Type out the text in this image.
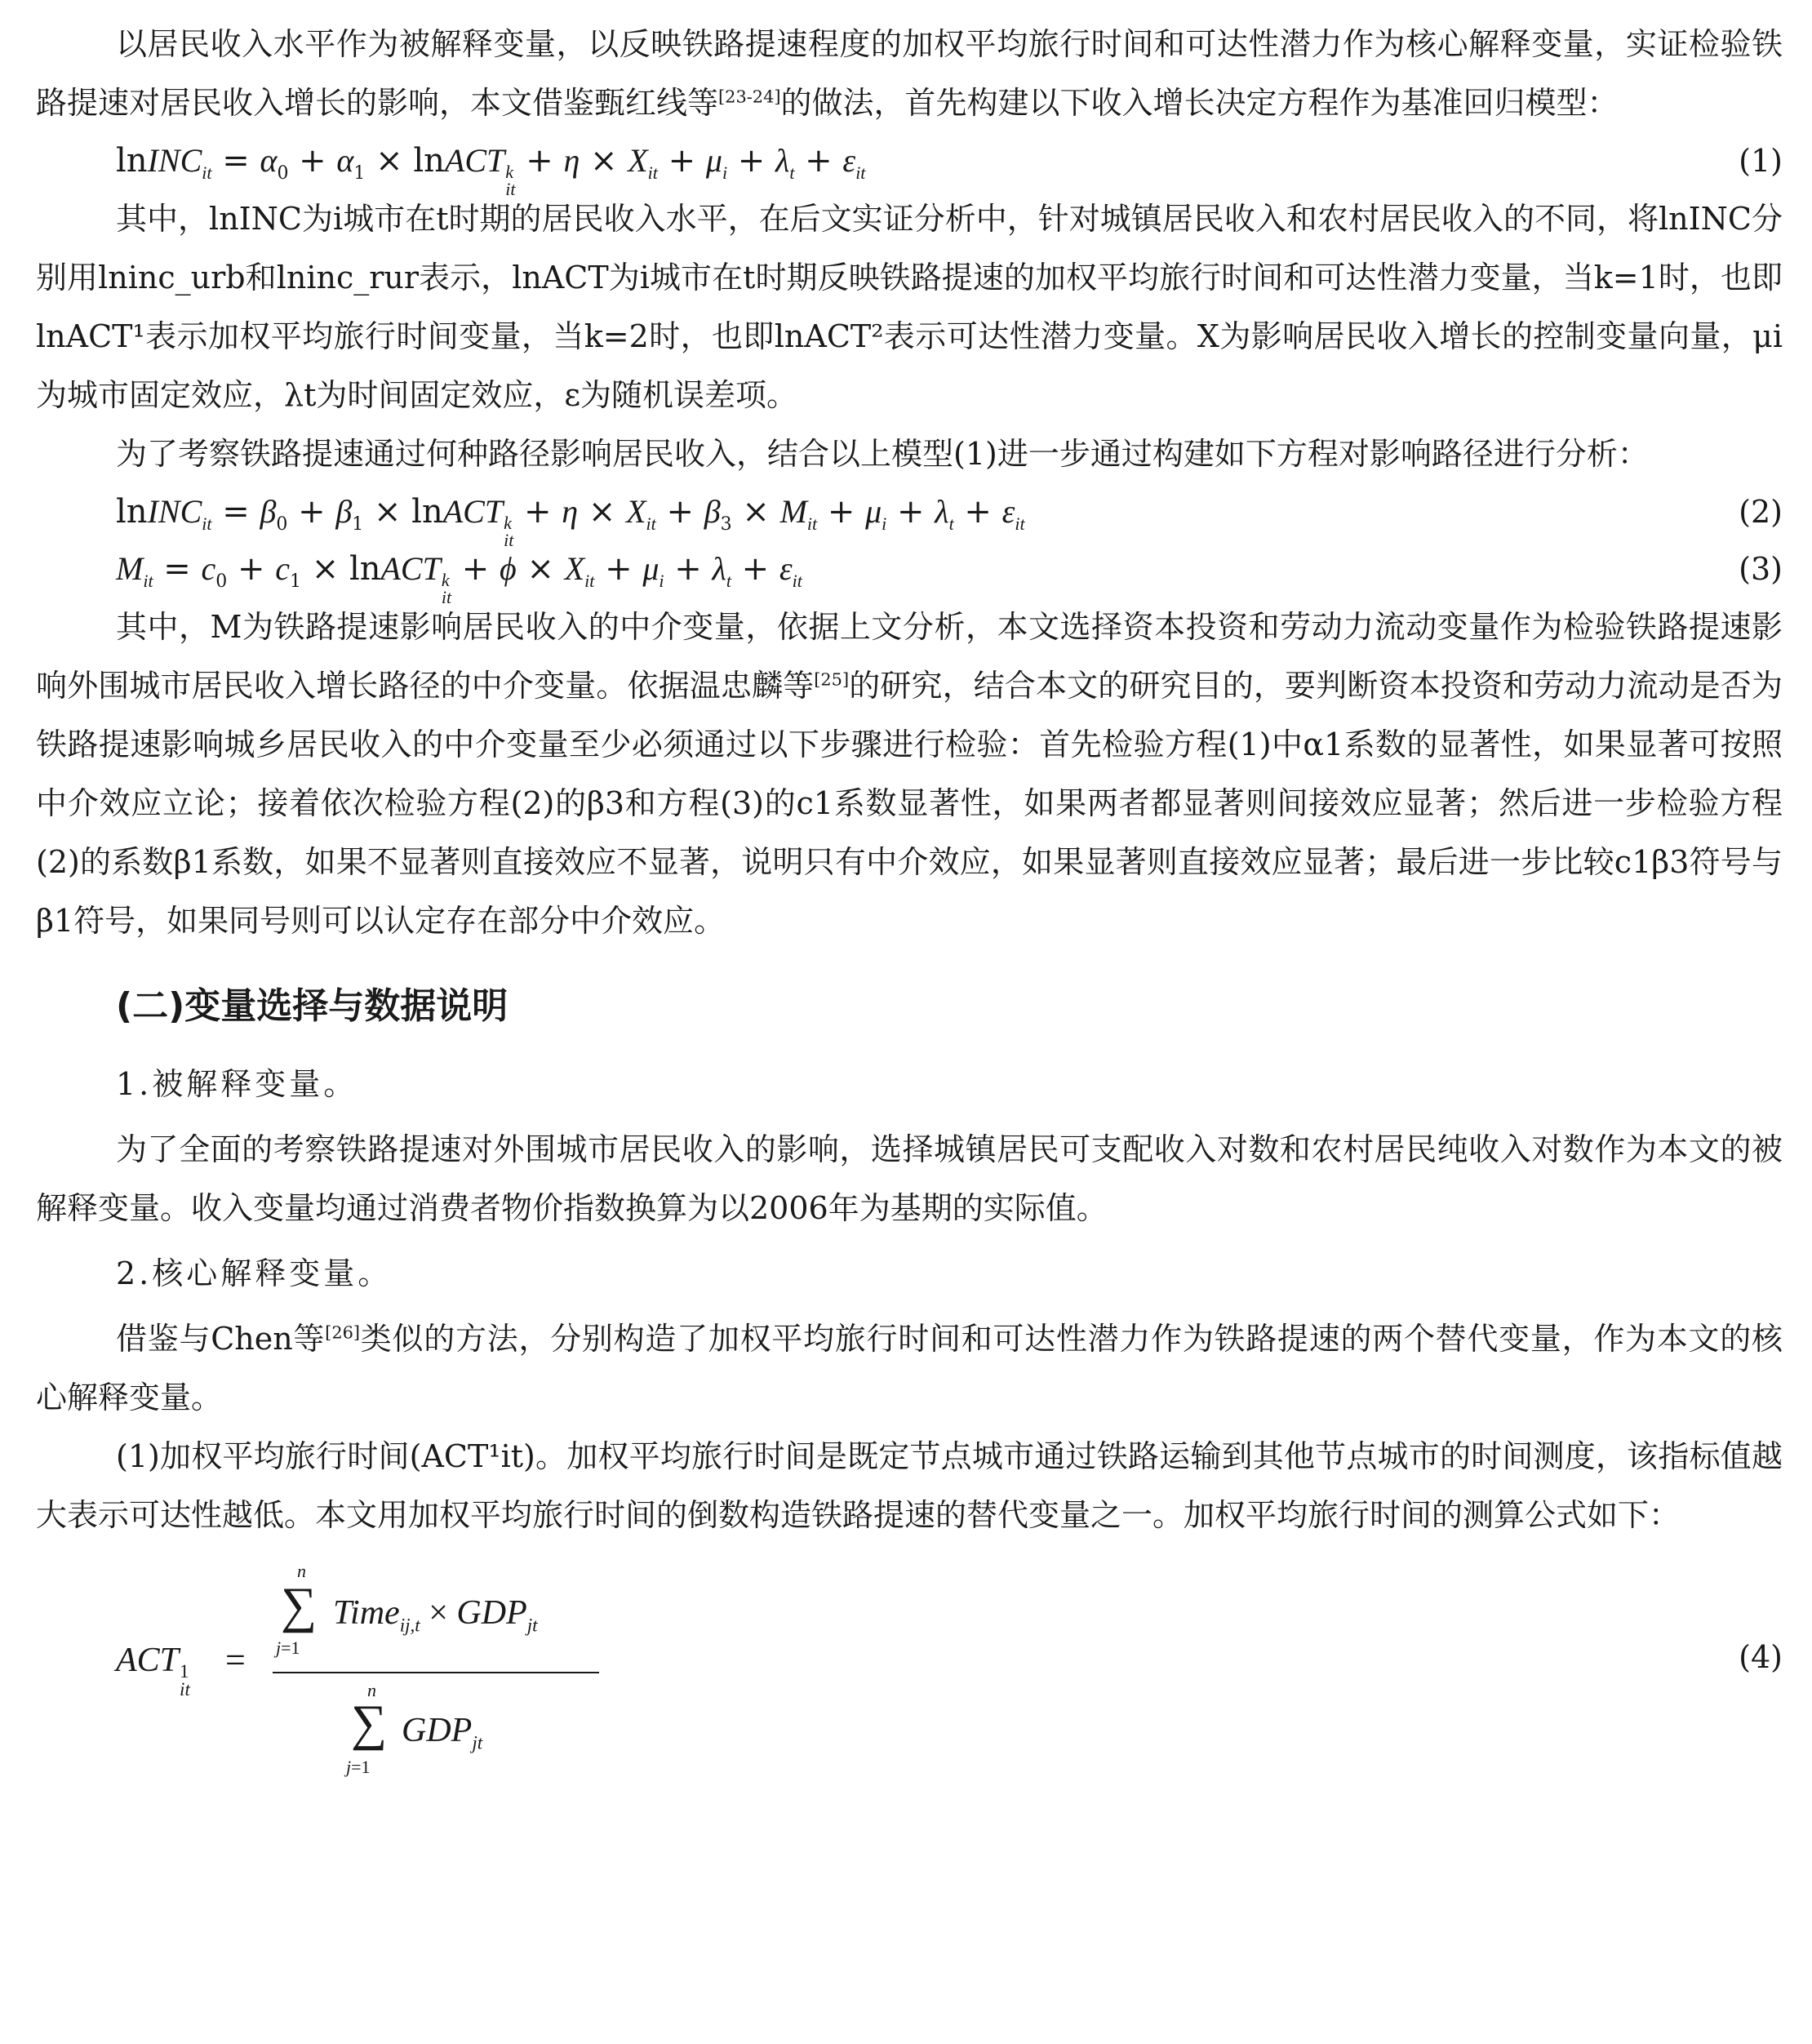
以居民收入水平作为被解释变量，以反映铁路提速程度的加权平均旅行时间和可达性潜力作为核心解释变量，实证检验铁路提速对居民收入增长的影响，本文借鉴甄红线等[23-24]的做法，首先构建以下收入增长决定方程作为基准回归模型：

lnINC$_{it}$ = $\alpha_0 + \alpha_1$ × lnACT k
it
+ $\eta \times X_{it} + \mu_i + \lambda_t + \varepsilon_{it}$	(1)

其中，lnINC为i城市在t时期的居民收入水平，在后文实证分析中，针对城镇居民收入和农村居民收入的不同，将lnINC分别用lninc_urb和lninc_rur表示，lnACT为i城市在t时期反映铁路提速的加权平均旅行时间和可达性潜力变量，当k=1时，也即lnACT¹表示加权平均旅行时间变量，当k=2时，也即lnACT²表示可达性潜力变量。X为影响居民收入增长的控制变量向量，μi为城市固定效应，λt为时间固定效应，ε为随机误差项。

为了考察铁路提速通过何种路径影响居民收入，结合以上模型(1)进一步通过构建如下方程对影响路径进行分析：

lnINC$_{it}$ = $\beta_0 + \beta_1$ × lnACT k
it
+ $\eta \times X_{it} + \beta_3 \times M_{it} + \mu_i + \lambda_t + \varepsilon_{it}$	(2)
$M_{it} = c_0 + c_1$ × lnACT k
it
+ $\phi \times X_{it} + \mu_i + \lambda_t + \varepsilon_{it}$	(3)

其中，M为铁路提速影响居民收入的中介变量，依据上文分析，本文选择资本投资和劳动力流动变量作为检验铁路提速影响外围城市居民收入增长路径的中介变量。依据温忠麟等[25]的研究，结合本文的研究目的，要判断资本投资和劳动力流动是否为铁路提速影响城乡居民收入的中介变量至少必须通过以下步骤进行检验：首先检验方程(1)中α1系数的显著性，如果显著可按照中介效应立论；接着依次检验方程(2)的β3和方程(3)的c1系数显著性，如果两者都显著则间接效应显著；然后进一步检验方程(2)的系数β1系数，如果不显著则直接效应不显著，说明只有中介效应，如果显著则直接效应显著；最后进一步比较c1β3符号与β1符号，如果同号则可以认定存在部分中介效应。

(二)变量选择与数据说明
1.被解释变量。

为了全面的考察铁路提速对外围城市居民收入的影响，选择城镇居民可支配收入对数和农村居民纯收入对数作为本文的被解释变量。收入变量均通过消费者物价指数换算为以2006年为基期的实际值。

2.核心解释变量。

借鉴与Chen等[26]类似的方法，分别构造了加权平均旅行时间和可达性潜力作为铁路提速的两个替代变量，作为本文的核心解释变量。

(1)加权平均旅行时间(ACT¹it)。加权平均旅行时间是既定节点城市通过铁路运输到其他节点城市的时间测度，该指标值越大表示可达性越低。本文用加权平均旅行时间的倒数构造铁路提速的替代变量之一。加权平均旅行时间的测算公式如下：

ACT 1
it
=
n
∑
j=1
Time$_{ij,t}$ × $GDP_{jt}$
n
∑
j=1
$GDP_{jt}$
(4)
